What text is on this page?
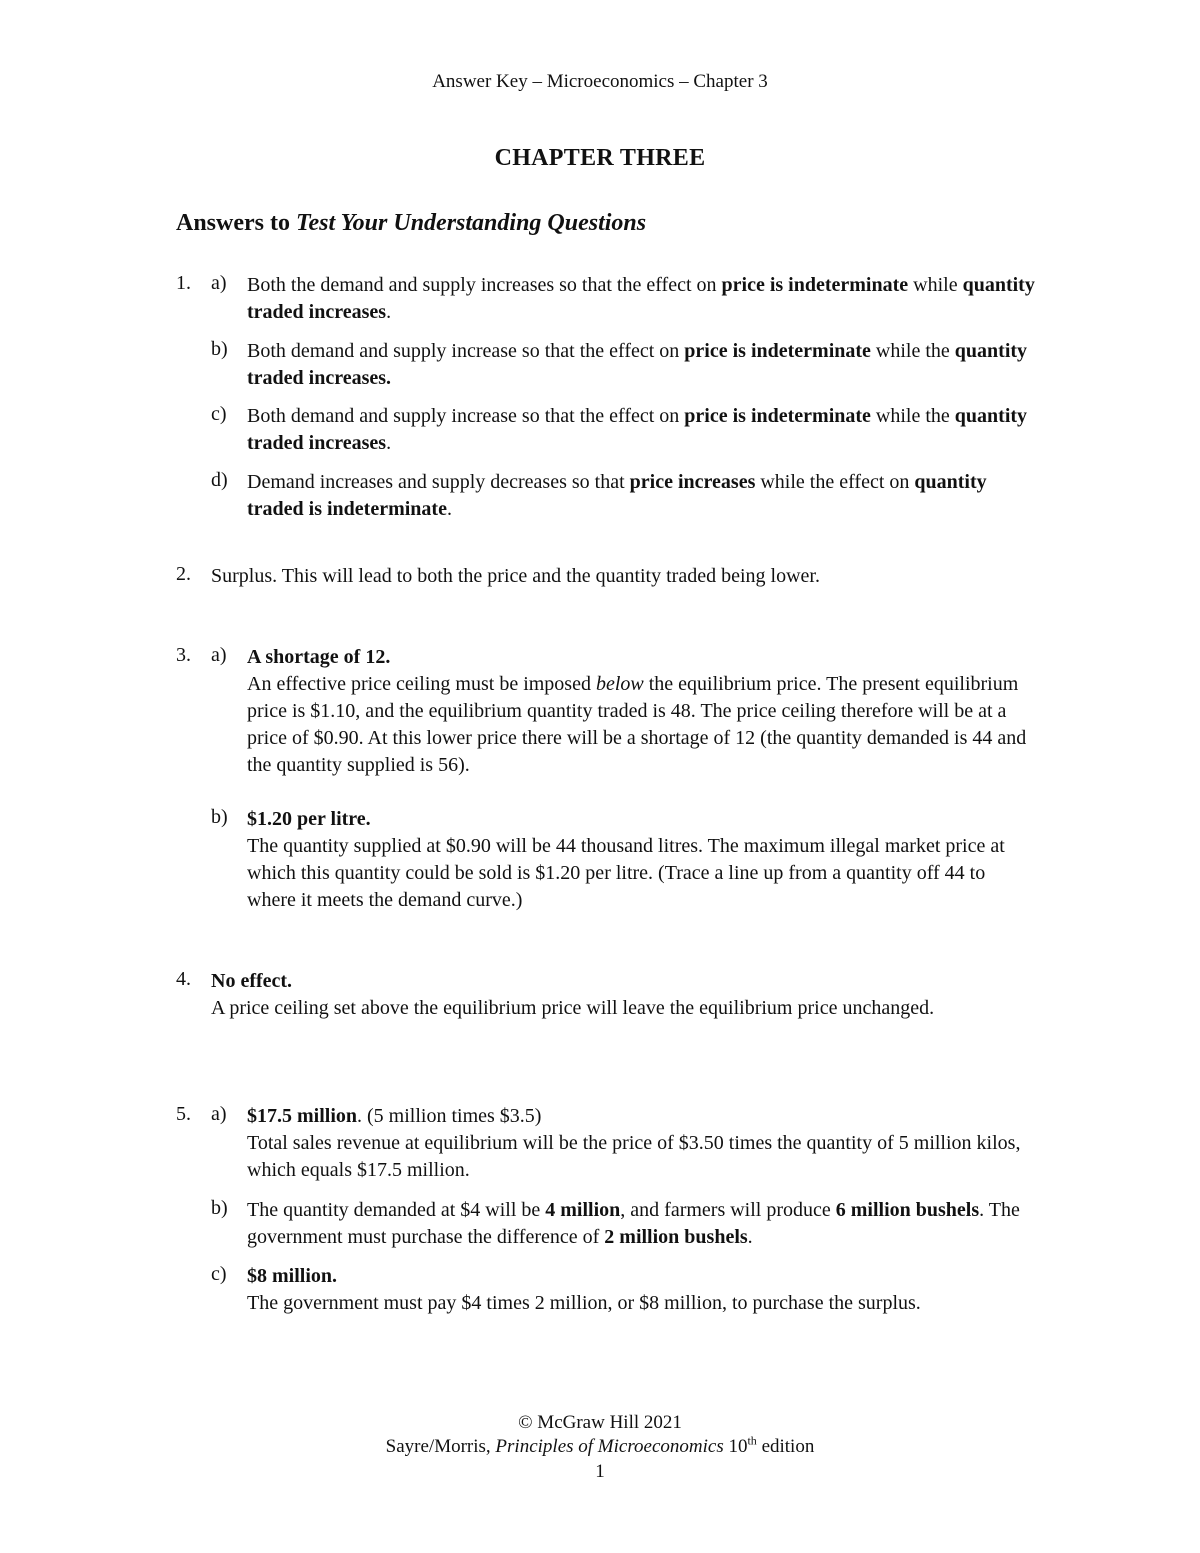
Answer Key – Microeconomics – Chapter 3
CHAPTER THREE
Answers to Test Your Understanding Questions
1. a) Both the demand and supply increases so that the effect on price is indeterminate while quantity traded increases.
b) Both demand and supply increase so that the effect on price is indeterminate while the quantity traded increases.
c) Both demand and supply increase so that the effect on price is indeterminate while the quantity traded increases.
d) Demand increases and supply decreases so that price increases while the effect on quantity traded is indeterminate.
2. Surplus. This will lead to both the price and the quantity traded being lower.
3. a) A shortage of 12.
An effective price ceiling must be imposed below the equilibrium price. The present equilibrium price is $1.10, and the equilibrium quantity traded is 48. The price ceiling therefore will be at a price of $0.90. At this lower price there will be a shortage of 12 (the quantity demanded is 44 and the quantity supplied is 56).
b) $1.20 per litre.
The quantity supplied at $0.90 will be 44 thousand litres. The maximum illegal market price at which this quantity could be sold is $1.20 per litre. (Trace a line up from a quantity off 44 to where it meets the demand curve.)
4. No effect.
A price ceiling set above the equilibrium price will leave the equilibrium price unchanged.
5. a) $17.5 million. (5 million times $3.5)
Total sales revenue at equilibrium will be the price of $3.50 times the quantity of 5 million kilos, which equals $17.5 million.
b) The quantity demanded at $4 will be 4 million, and farmers will produce 6 million bushels. The government must purchase the difference of 2 million bushels.
c) $8 million.
The government must pay $4 times 2 million, or $8 million, to purchase the surplus.
© McGraw Hill 2021
Sayre/Morris, Principles of Microeconomics 10th edition
1
